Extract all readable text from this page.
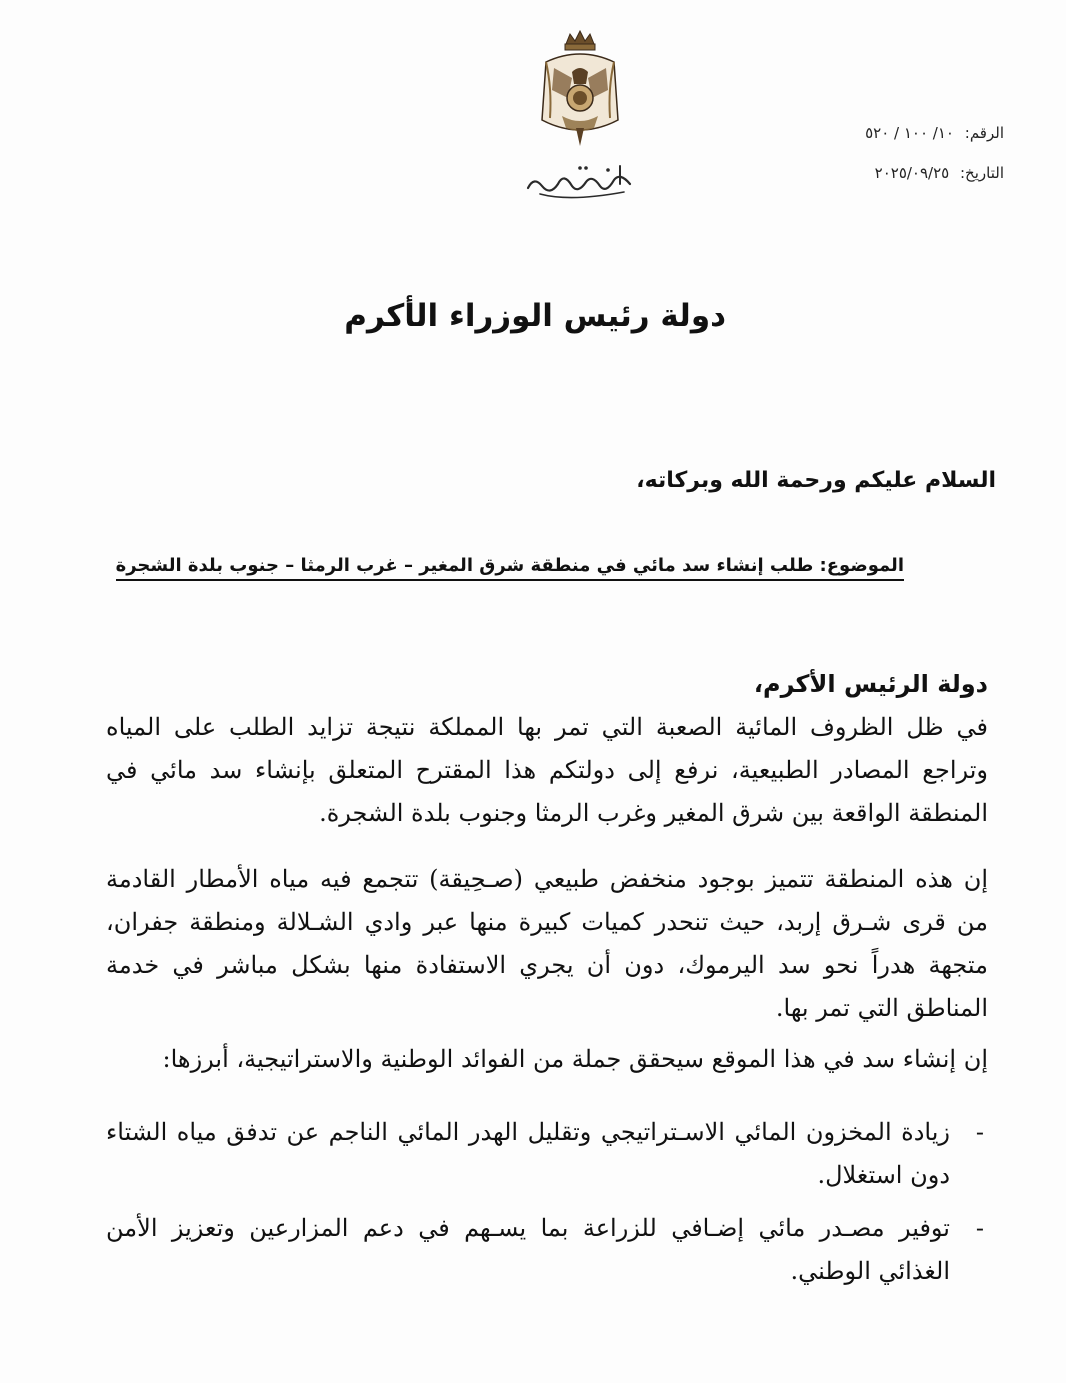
الرقم: ١٠/ ١٠٠ / ٥٢٠
التاريخ: ٢٠٢٥/٠٩/٢٥
دولة رئيس الوزراء الأكرم
السلام عليكم ورحمة الله وبركاته،
الموضوع: طلب إنشاء سد مائي في منطقة شرق المغير – غرب الرمثا – جنوب بلدة الشجرة
دولة الرئيس الأكرم،
في ظل الظروف المائية الصعبة التي تمر بها المملكة نتيجة تزايد الطلب على المياه وتراجع المصادر الطبيعية، نرفع إلى دولتكم هذا المقترح المتعلق بإنشاء سد مائي في المنطقة الواقعة بين شرق المغير وغرب الرمثا وجنوب بلدة الشجرة.
إن هذه المنطقة تتميز بوجود منخفض طبيعي (صـحِيقة) تتجمع فيه مياه الأمطار القادمة من قرى شـرق إربد، حيث تنحدر كميات كبيرة منها عبر وادي الشـلالة ومنطقة جفران، متجهة هدراً نحو سد اليرموك، دون أن يجري الاستفادة منها بشكل مباشر في خدمة المناطق التي تمر بها.
إن إنشاء سد في هذا الموقع سيحقق جملة من الفوائد الوطنية والاستراتيجية، أبرزها:
-
زيادة المخزون المائي الاسـتراتيجي وتقليل الهدر المائي الناجم عن تدفق مياه الشتاء دون استغلال.
-
توفير مصـدر مائي إضـافي للزراعة بما يسـهم في دعم المزارعين وتعزيز الأمن الغذائي الوطني.
